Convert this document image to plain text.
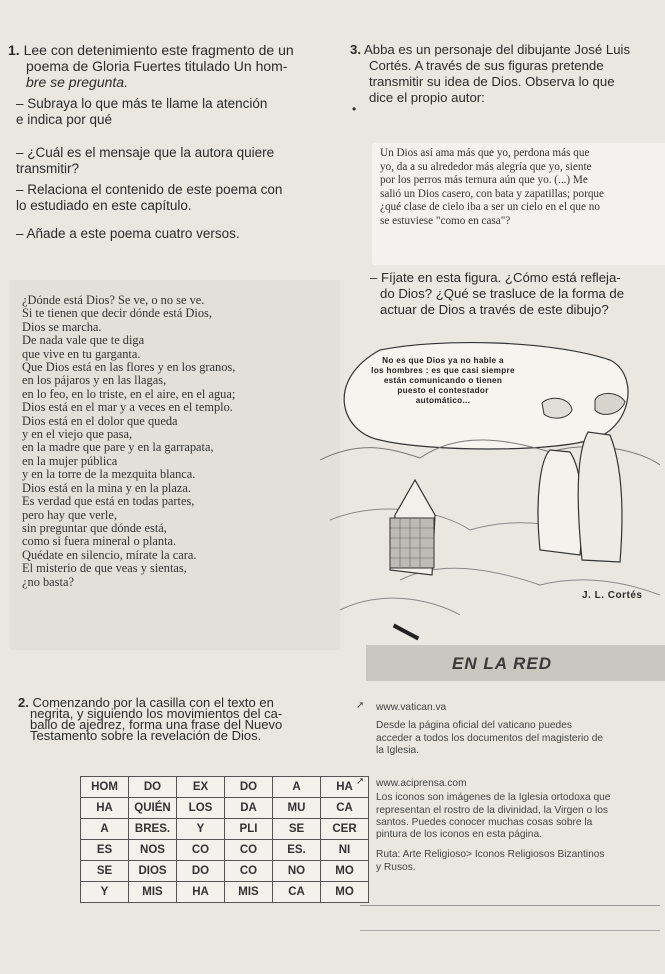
1. Lee con detenimiento este fragmento de un
poema de Gloria Fuertes titulado Un hom-
bre se pregunta.
– Subraya lo que más te llame la atención
e indica por qué
– ¿Cuál es el mensaje que la autora quiere
transmitir?
– Relaciona el contenido de este poema con
lo estudiado en este capítulo.
– Añade a este poema cuatro versos.
3. Abba es un personaje del dibujante José Luis
Cortés. A través de sus figuras pretende
transmitir su idea de Dios. Observa lo que
dice el propio autor:
•
Un Dios así ama más que yo, perdona más que
yo, da a su alrededor más alegría que yo, siente
por los perros más ternura aún que yo. (...) Me
salió un Dios casero, con bata y zapatillas; porque
¿qué clase de cielo iba a ser un cielo en el que no
se estuviese "como en casa"?
– Fíjate en esta figura. ¿Cómo está refleja-
do Dios? ¿Qué se trasluce de la forma de
actuar de Dios a través de este dibujo?
¿Dónde está Dios? Se ve, o no se ve.
Si te tienen que decir dónde está Dios,
Dios se marcha.
De nada vale que te diga
que vive en tu garganta.
Que Dios está en las flores y en los granos,
en los pájaros y en las llagas,
en lo feo, en lo triste, en el aire, en el agua;
Dios está en el mar y a veces en el templo.
Dios está en el dolor que queda
y en el viejo que pasa,
en la madre que pare y en la garrapata,
en la mujer pública
y en la torre de la mezquita blanca.
Dios está en la mina y en la plaza.
Es verdad que está en todas partes,
pero hay que verle,
sin preguntar que dónde está,
como si fuera mineral o planta.
Quédate en silencio, mírate la cara.
El misterio de que veas y sientas,
¿no basta?
No es que Dios ya no hable a
los hombres : es que casi siempre
están comunicando o tienen
puesto el contestador
automático...
J. L. Cortés
EN LA RED
2. Comenzando por la casilla con el texto en
negrita, y siguiendo los movimientos del ca-
ballo de ajedrez, forma una frase del Nuevo
Testamento sobre la revelación de Dios.
HOM	DO	EX	DO	A	HA
HA	QUIÉN	LOS	DA	MU	CA
A	BRES.	Y	PLI	SE	CER
ES	NOS	CO	CO	ES.	NI
SE	DIOS	DO	CO	NO	MO
Y	MIS	HA	MIS	CA	MO
➚	www.vatican.va
Desde la página oficial del vaticano puedes
acceder a todos los documentos del magisterio de
la Iglesia.
➚	www.aciprensa.com
Los iconos son imágenes de la Iglesia ortodoxa que
representan el rostro de la divinidad, la Virgen o los
santos. Puedes conocer muchas cosas sobre la
pintura de los iconos en esta página.
Ruta: Arte Religioso> Iconos Religiosos Bizantinos
y Rusos.
